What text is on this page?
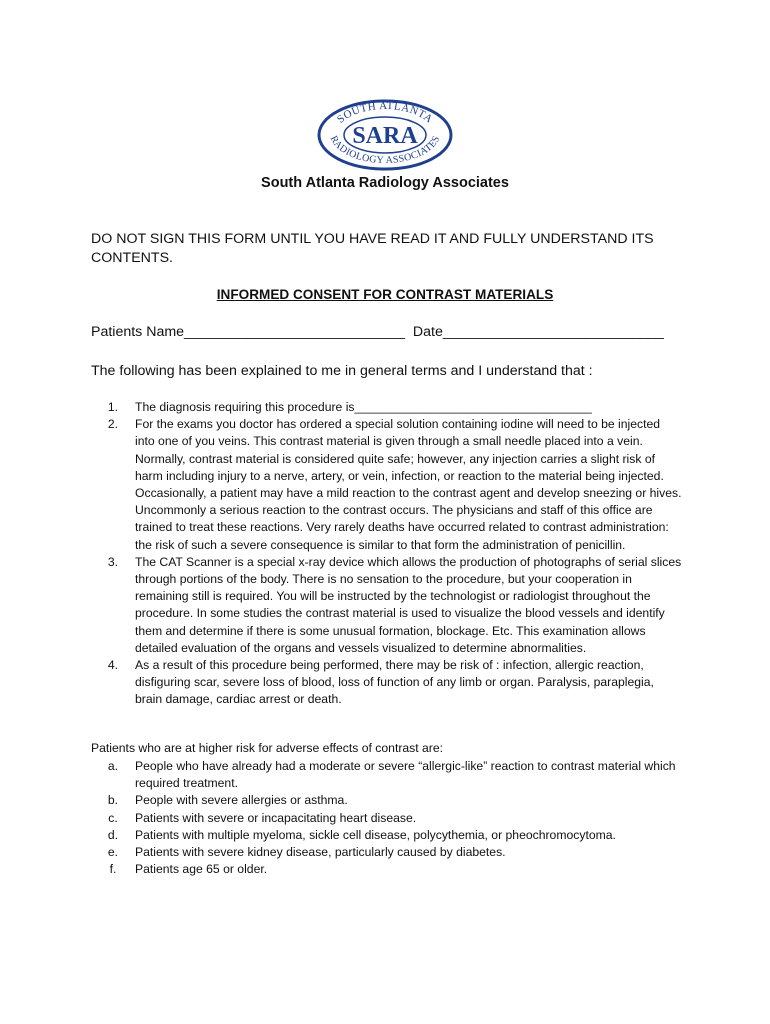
SOUTH ATLANTA
RADIOLOGY ASSOCIATES
SARA
South Atlanta Radiology Associates
DO NOT SIGN THIS FORM UNTIL YOU HAVE READ IT AND FULLY UNDERSTAND ITS CONTENTS.
INFORMED CONSENT FOR CONTRAST MATERIALS
Patients Name____________________________  Date____________________________
The following has been explained to me in general terms and I understand that :
1.	The diagnosis requiring this procedure is___________________________________
2.	For the exams you doctor has ordered a special solution containing iodine will need to be injected into one of you veins. This contrast material is given through a small needle placed into a vein. Normally, contrast material is considered quite safe; however, any injection carries a slight risk of harm including injury to a nerve, artery, or vein, infection, or reaction to the material being injected. Occasionally, a patient may have a mild reaction to the contrast agent and develop sneezing or hives. Uncommonly a serious reaction to the contrast occurs. The physicians and staff of this office are trained to treat these reactions. Very rarely deaths have occurred related to contrast administration: the risk of such a severe consequence is similar to that form the administration of penicillin.
3.	The CAT Scanner is a special x-ray device which allows the production of photographs of serial slices through portions of the body. There is no sensation to the procedure, but your cooperation in remaining still is required. You will be instructed by the technologist or radiologist throughout the procedure. In some studies the contrast material is used to visualize the blood vessels and identify them and determine if there is some unusual formation, blockage. Etc. This examination allows detailed evaluation of the organs and vessels visualized to determine abnormalities.
4.	As a result of this procedure being performed, there may be risk of : infection, allergic reaction, disfiguring scar, severe loss of blood, loss of function of any limb or organ. Paralysis, paraplegia, brain damage, cardiac arrest or death.
Patients who are at higher risk for adverse effects of contrast are:
a.	People who have already had a moderate or severe “allergic-like” reaction to contrast material which required treatment.
b.	People with severe allergies or asthma.
c.	Patients with severe or incapacitating heart disease.
d.	Patients with multiple myeloma, sickle cell disease, polycythemia, or pheochromocytoma.
e.	Patients with severe kidney disease, particularly caused by diabetes.
f.	Patients age 65 or older.
